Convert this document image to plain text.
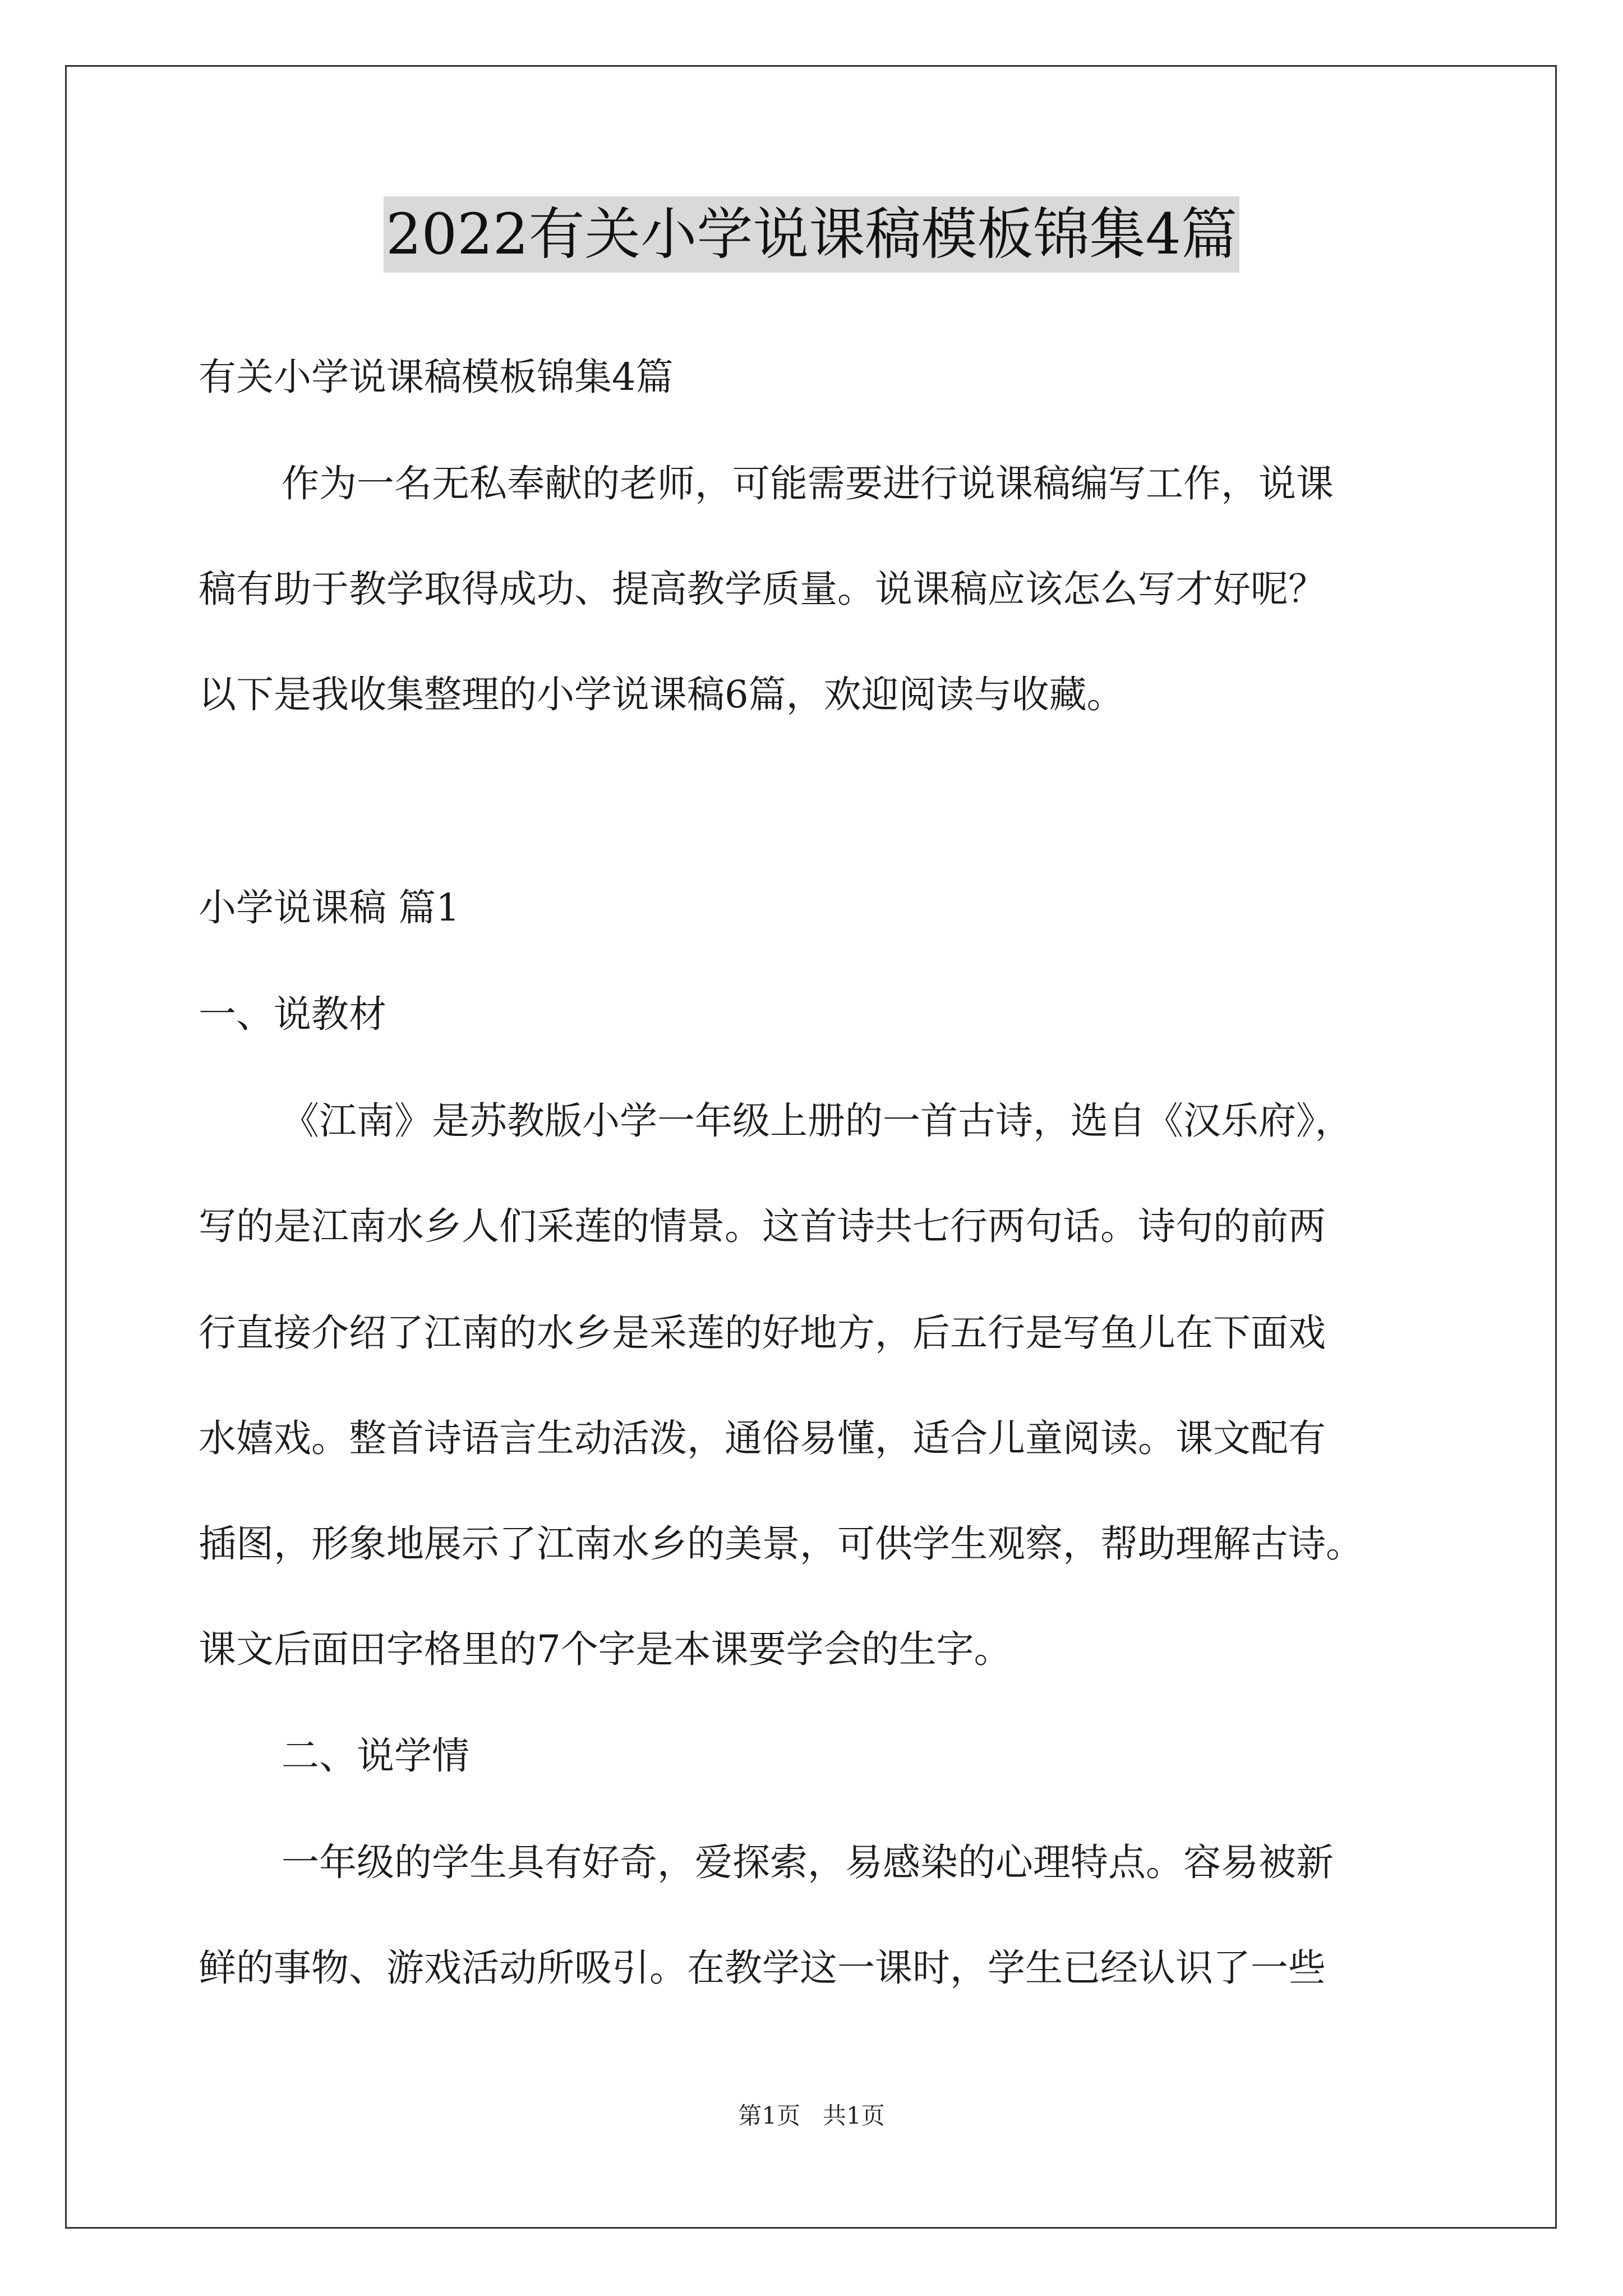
2022有关小学说课稿模板锦集4篇

有关小学说课稿模板锦集4篇

作为一名无私奉献的老师，可能需要进行说课稿编写工作，说课

稿有助于教学取得成功、提高教学质量。说课稿应该怎么写才好呢？

以下是我收集整理的小学说课稿6篇，欢迎阅读与收藏。

小学说课稿 篇1

一、说教材

《江南》是苏教版小学一年级上册的一首古诗，选自《汉乐府》，

写的是江南水乡人们采莲的情景。这首诗共七行两句话。诗句的前两

行直接介绍了江南的水乡是采莲的好地方，后五行是写鱼儿在下面戏

水嬉戏。整首诗语言生动活泼，通俗易懂，适合儿童阅读。课文配有

插图，形象地展示了江南水乡的美景，可供学生观察，帮助理解古诗。

课文后面田字格里的7个字是本课要学会的生字。

二、说学情

一年级的学生具有好奇，爱探索，易感染的心理特点。容易被新

鲜的事物、游戏活动所吸引。在教学这一课时，学生已经认识了一些

第1页   共1页
